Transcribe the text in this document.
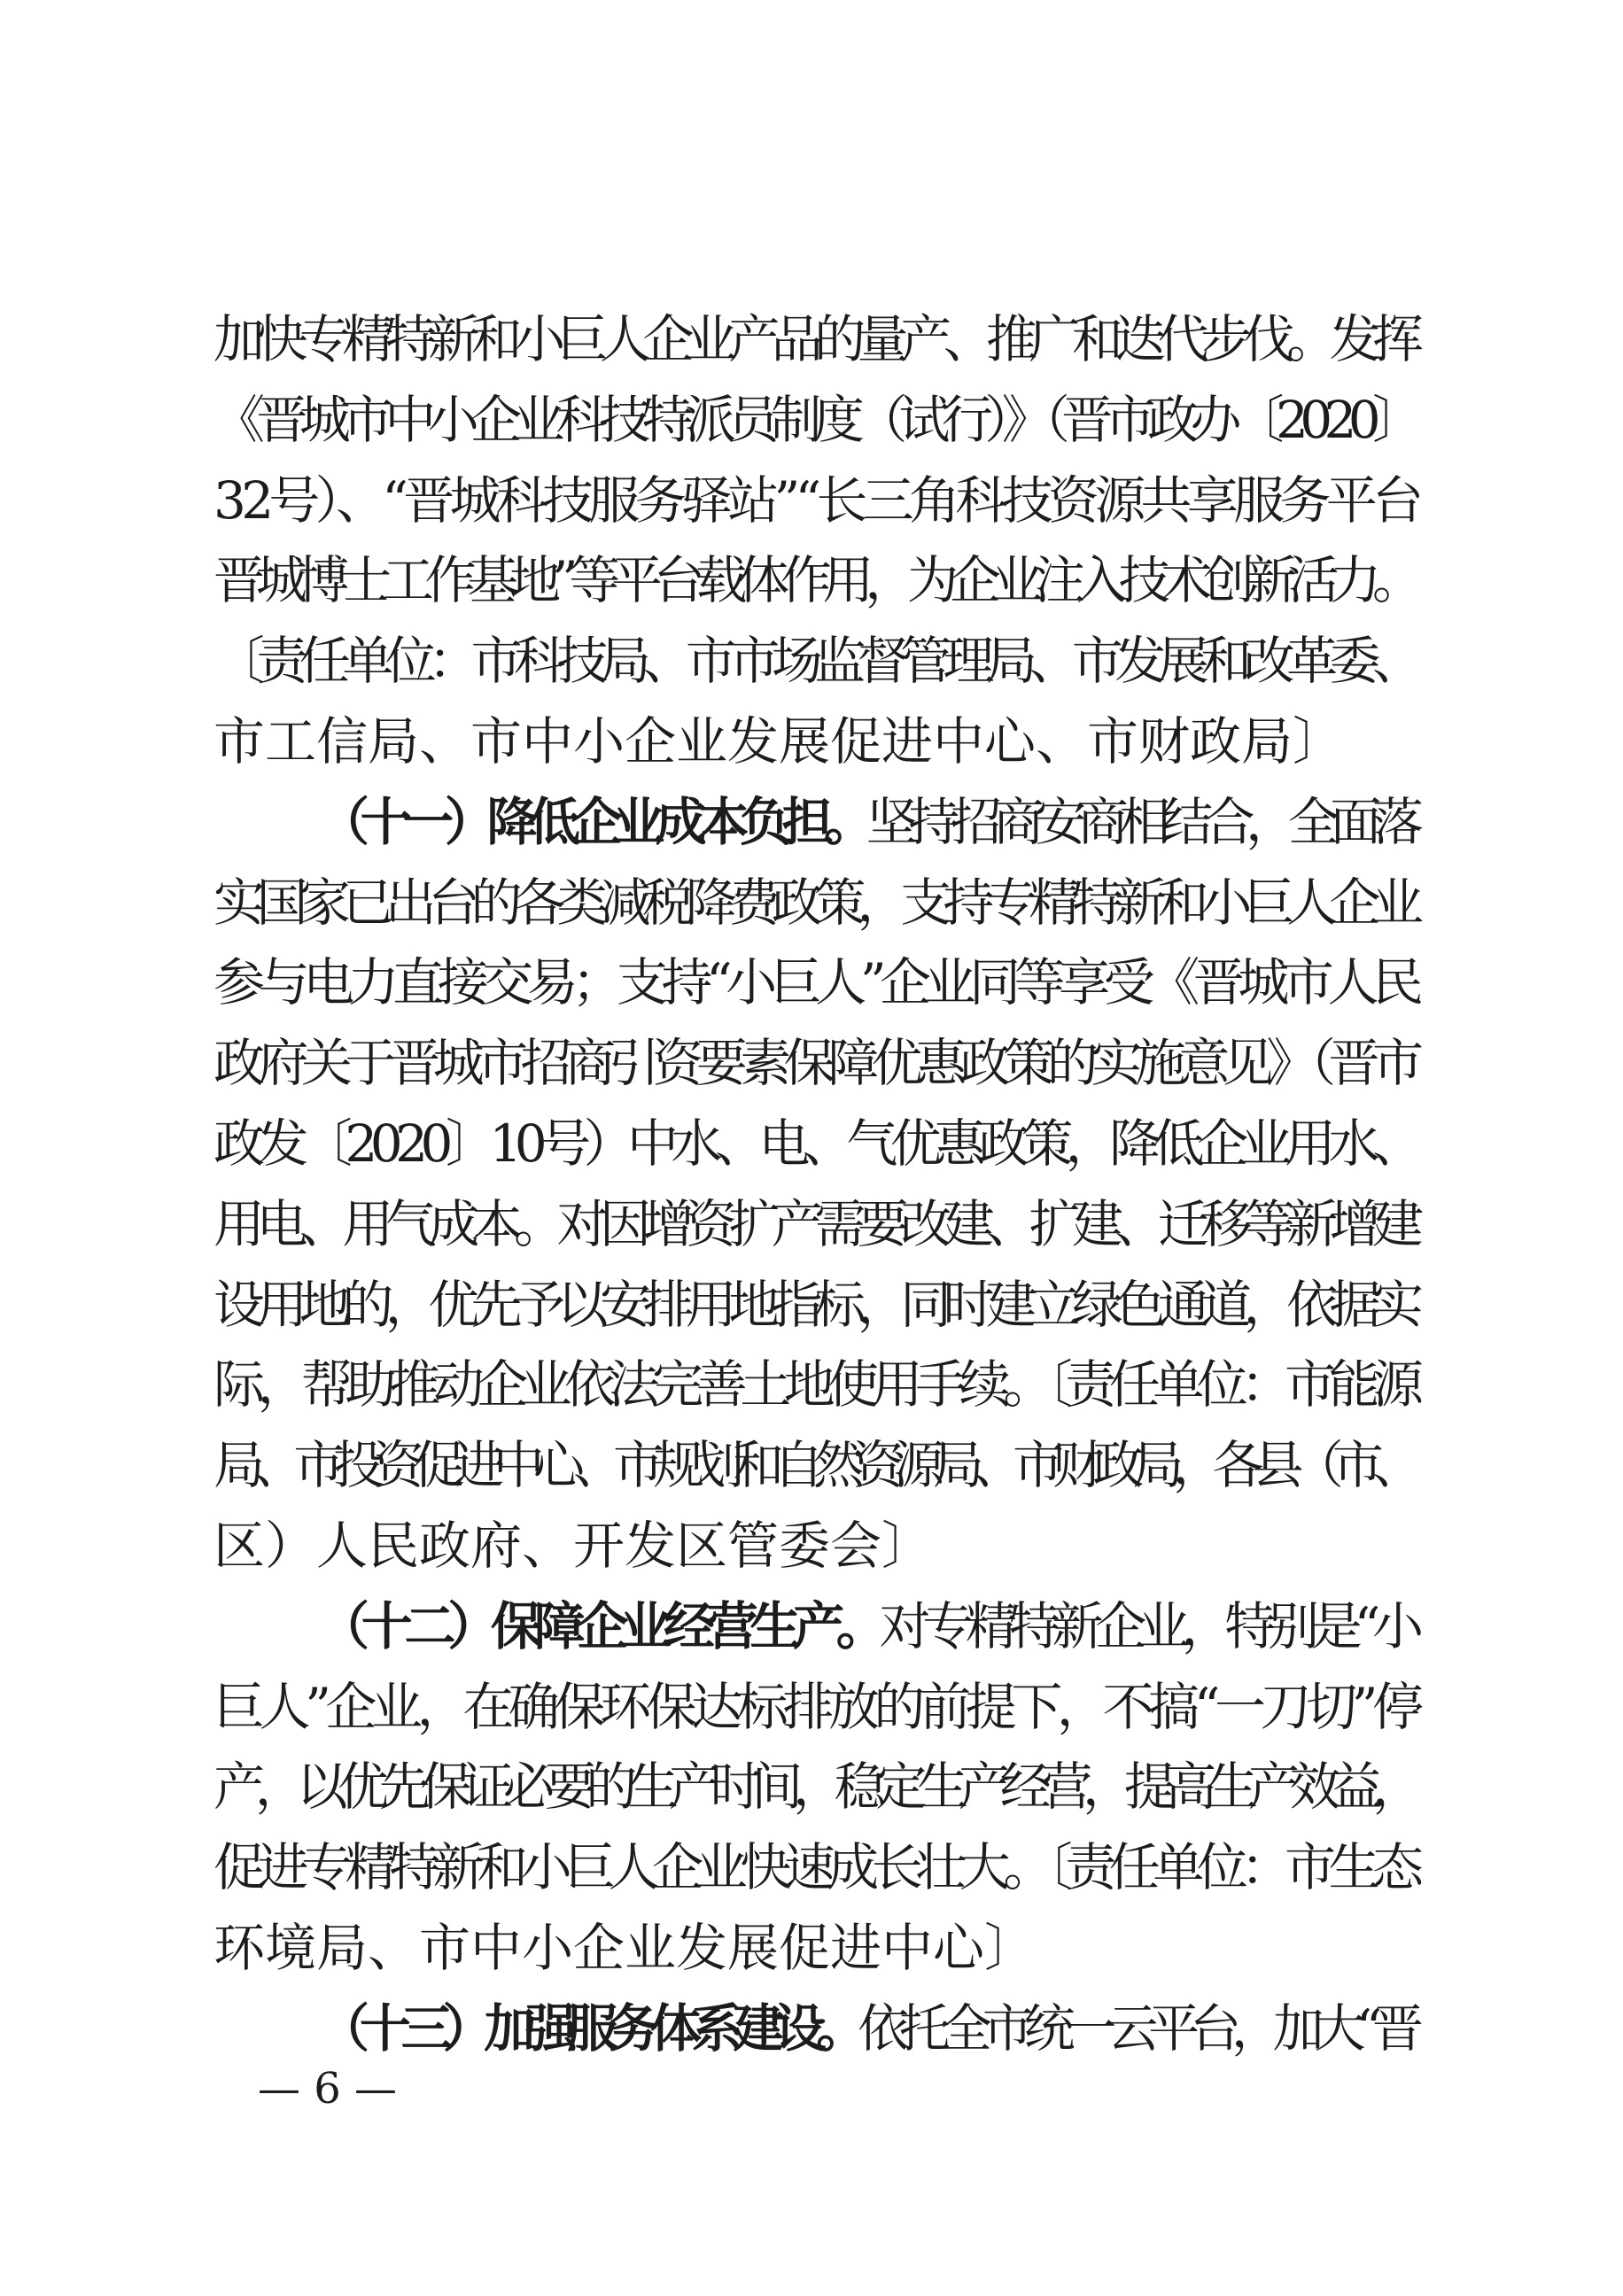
加快专精特新和小巨人企业产品的量产、推广和迭代步伐。发挥
《晋城市中小企业科技特派员制度（试行）》（晋市政办〔2020〕
32号）、“晋城科技服务驿站”“长三角科技资源共享服务平台
晋城博士工作基地”等平台载体作用，为企业注入技术创新活力。
〔责任单位：市科技局、市市场监督管理局、市发展和改革委、
市工信局、市中小企业发展促进中心、市财政局〕
（十一）降低企业成本负担。坚持招商安商相结合，全面落
实国家已出台的各类减税降费政策，支持专精特新和小巨人企业
参与电力直接交易；支持“小巨人”企业同等享受《晋城市人民
政府关于晋城市招商引资要素保障优惠政策的实施意见》（晋市
政发〔2020〕10号）中水、电、气优惠政策，降低企业用水、
用电、用气成本。对因增资扩产需要改建、扩建、迁移等新增建
设用地的，优先予以安排用地指标，同时建立绿色通道，依据实
际，帮助推动企业依法完善土地使用手续。〔责任单位：市能源
局、市投资促进中心、市规划和自然资源局、市财政局，各县（市、
区）人民政府、开发区管委会〕
（十二）保障企业经营生产。对专精特新企业，特别是“小
巨人”企业，在确保环保达标排放的前提下，不搞“一刀切”停
产，以优先保证必要的生产时间，稳定生产经营，提高生产效益，
促进专精特新和小巨人企业快速成长壮大。〔责任单位：市生态
环境局、市中小企业发展促进中心〕
（十三）加强服务体系建设。依托全市统一云平台，加大“晋
— 6 —
